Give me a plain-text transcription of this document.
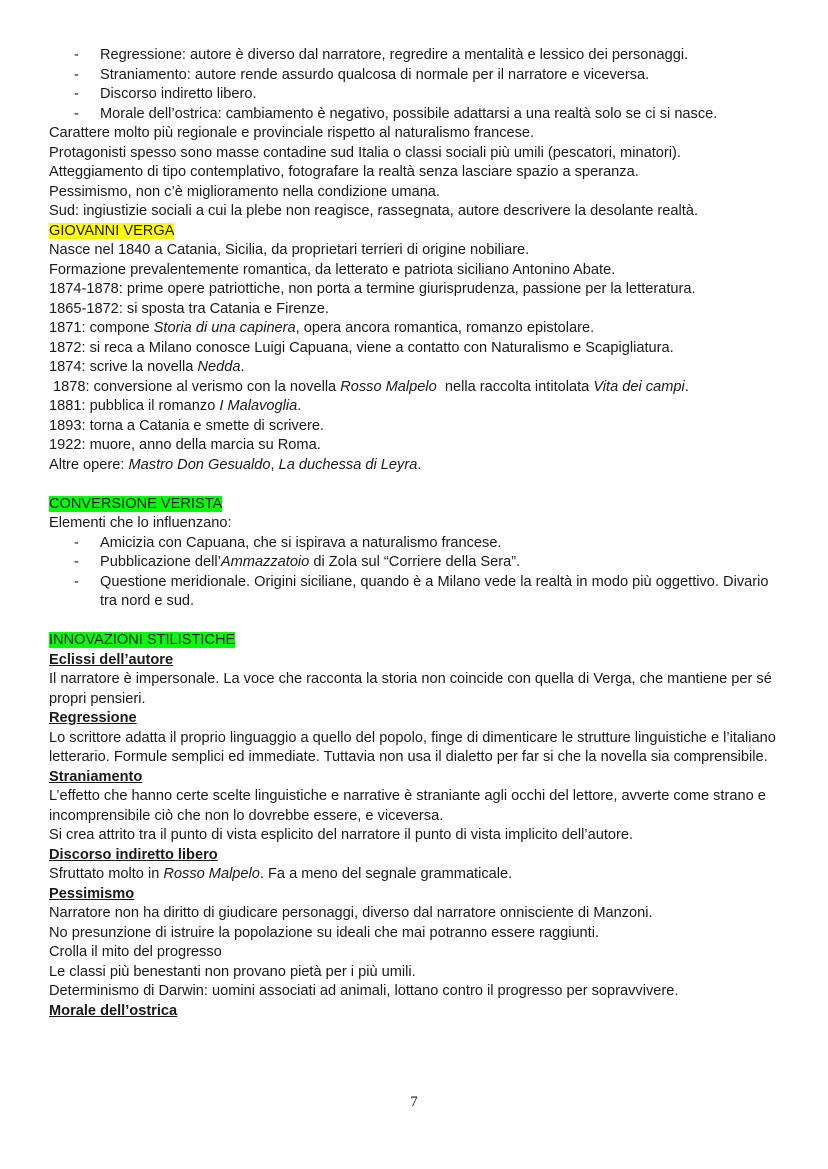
- Regressione: autore è diverso dal narratore, regredire a mentalità e lessico dei personaggi.
- Straniamento: autore rende assurdo qualcosa di normale per il narratore e viceversa.
- Discorso indiretto libero.
- Morale dell’ostrica: cambiamento è negativo, possibile adattarsi a una realtà solo se ci si nasce.

Carattere molto più regionale e provinciale rispetto al naturalismo francese.

Protagonisti spesso sono masse contadine sud Italia o classi sociali più umili (pescatori, minatori).

Atteggiamento di tipo contemplativo, fotografare la realtà senza lasciare spazio a speranza.

Pessimismo, non c’è miglioramento nella condizione umana.

Sud: ingiustizie sociali a cui la plebe non reagisce, rassegnata, autore descrivere la desolante realtà.

GIOVANNI VERGA

Nasce nel 1840 a Catania, Sicilia, da proprietari terrieri di origine nobiliare.

Formazione prevalentemente romantica, da letterato e patriota siciliano Antonino Abate.

1874-1878: prime opere patriottiche, non porta a termine giurisprudenza, passione per la letteratura.

1865-1872: si sposta tra Catania e Firenze.

1871: compone Storia di una capinera, opera ancora romantica, romanzo epistolare.

1872: si reca a Milano conosce Luigi Capuana, viene a contatto con Naturalismo e Scapigliatura.

1874: scrive la novella Nedda.

1878: conversione al verismo con la novella Rosso Malpelo  nella raccolta intitolata Vita dei campi.

1881: pubblica il romanzo I Malavoglia.

1893: torna a Catania e smette di scrivere.

1922: muore, anno della marcia su Roma.

Altre opere: Mastro Don Gesualdo, La duchessa di Leyra.

CONVERSIONE VERISTA

Elementi che lo influenzano:

- Amicizia con Capuana, che si ispirava a naturalismo francese.
- Pubblicazione dell’Ammazzatoio di Zola sul “Corriere della Sera”.
- Questione meridionale. Origini siciliane, quando è a Milano vede la realtà in modo più oggettivo. Divario tra nord e sud.
INNOVAZIONI STILISTICHE
Eclissi dell’autore

Il narratore è impersonale. La voce che racconta la storia non coincide con quella di Verga, che mantiene per sé propri pensieri.

Regressione

Lo scrittore adatta il proprio linguaggio a quello del popolo, finge di dimenticare le strutture linguistiche e l’italiano letterario. Formule semplici ed immediate. Tuttavia non usa il dialetto per far si che la novella sia comprensibile.

Straniamento

L’effetto che hanno certe scelte linguistiche e narrative è straniante agli occhi del lettore, avverte come strano e incomprensibile ciò che non lo dovrebbe essere, e viceversa.

Si crea attrito tra il punto di vista esplicito del narratore il punto di vista implicito dell’autore.

Discorso indiretto libero

Sfruttato molto in Rosso Malpelo. Fa a meno del segnale grammaticale.

Pessimismo

Narratore non ha diritto di giudicare personaggi, diverso dal narratore onnisciente di Manzoni.

No presunzione di istruire la popolazione su ideali che mai potranno essere raggiunti.

Crolla il mito del progresso

Le classi più benestanti non provano pietà per i più umili.

Determinismo di Darwin: uomini associati ad animali, lottano contro il progresso per sopravvivere.

Morale dell’ostrica
7
